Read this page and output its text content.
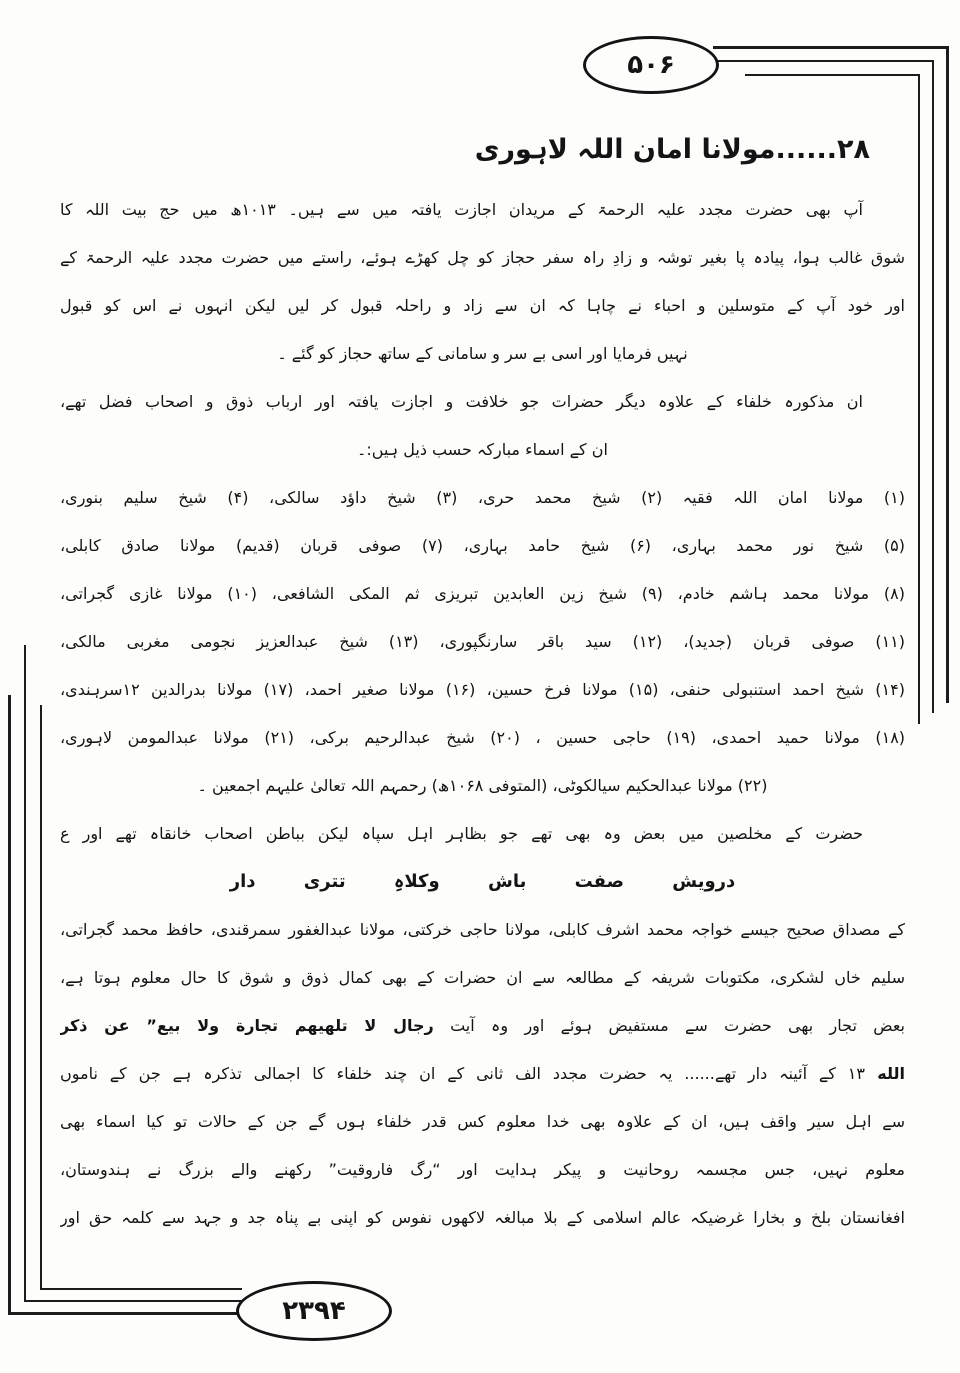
۵۰۶
۲۳۹۴
۲۸......مولانا امان اللہ لاہوری
آپ بھی حضرت مجدد علیہ الرحمۃ کے مریدان اجازت یافتہ میں سے ہیں۔ ۱۰۱۳ھ میں حج بیت اللہ کا
شوق غالب ہوا، پیادہ پا بغیر توشہ و زادِ راہ سفر حجاز کو چل کھڑے ہوئے، راستے میں حضرت مجدد علیہ الرحمۃ کے
اور خود آپ کے متوسلین و احباء نے چاہا کہ ان سے زاد و راحلہ قبول کر لیں لیکن انہوں نے اس کو قبول
نہیں فرمایا اور اسی بے سر و سامانی کے ساتھ حجاز کو گئے ۔
ان مذکورہ خلفاء کے علاوہ دیگر حضرات جو خلافت و اجازت یافتہ اور ارباب ذوق و اصحاب فضل تھے،
ان کے اسماء مبارکہ حسب ذیل ہیں:۔
(۱) مولانا امان اللہ فقیہ (۲) شیخ محمد حری، (۳) شیخ داؤد سالکی، (۴) شیخ سلیم بنوری،
(۵) شیخ نور محمد بہاری، (۶) شیخ حامد بہاری، (۷) صوفی قربان (قدیم) مولانا صادق کابلی،
(۸) مولانا محمد ہاشم خادم، (۹) شیخ زین العابدین تبریزی ثم المکی الشافعی، (۱۰) مولانا غازی گجراتی،
(۱۱) صوفی قربان (جدید)، (۱۲) سید باقر سارنگپوری، (۱۳) شیخ عبدالعزیز نجومی مغربی مالکی،
(۱۴) شیخ احمد استنبولی حنفی، (۱۵) مولانا فرخ حسین، (۱۶) مولانا صغیر احمد، (۱۷) مولانا بدرالدین ۱۲سرہندی،
(۱۸) مولانا حمید احمدی، (۱۹) حاجی حسین ، (۲۰) شیخ عبدالرحیم برکی، (۲۱) مولانا عبدالمومن لاہوری،
(۲۲) مولانا عبدالحکیم سیالکوٹی، (المتوفی ۱۰۶۸ھ) رحمہم اللہ تعالیٰ علیہم اجمعین ۔
حضرت کے مخلصین میں بعض وہ بھی تھے جو بظاہر اہل سپاہ لیکن بباطن اصحاب خانقاہ تھے اور ع
درویش صفت باش وکلاہِ تتری دار
کے مصداق صحیح جیسے خواجہ محمد اشرف کابلی، مولانا حاجی خرکتی، مولانا عبدالغفور سمرقندی، حافظ محمد گجراتی،
سلیم خاں لشکری، مکتوبات شریفہ کے مطالعہ سے ان حضرات کے بھی کمال ذوق و شوق کا حال معلوم ہوتا ہے،
بعض تجار بھی حضرت سے مستفیض ہوئے اور وہ آیت رجال لا تلهيهم تجارة ولا بيع” عن ذكر
الله ۱۳ کے آئینہ دار تھے...... یہ حضرت مجدد الف ثانی کے ان چند خلفاء کا اجمالی تذکرہ ہے جن کے ناموں
سے اہل سیر واقف ہیں، ان کے علاوہ بھی خدا معلوم کس قدر خلفاء ہوں گے جن کے حالات تو کیا اسماء بھی
معلوم نہیں، جس مجسمہ روحانیت و پیکر ہدایت اور “رگ فاروقیت” رکھنے والے بزرگ نے ہندوستان،
افغانستان بلخ و بخارا غرضیکہ عالم اسلامی کے بلا مبالغہ لاکھوں نفوس کو اپنی بے پناہ جد و جہد سے کلمہ حق اور
